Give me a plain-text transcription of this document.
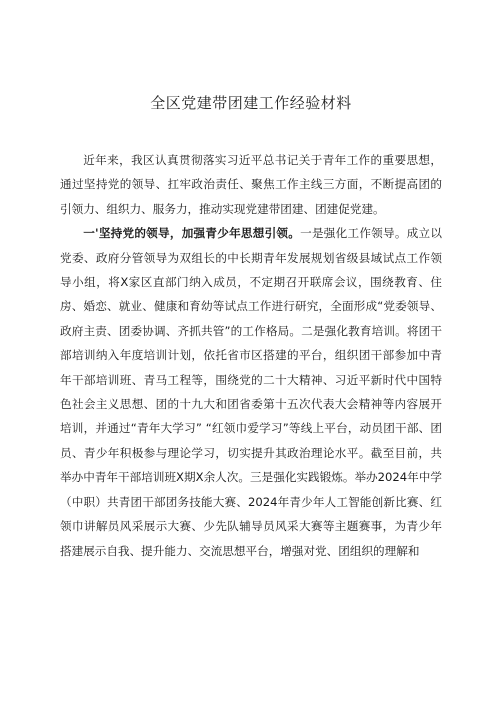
全区党建带团建工作经验材料

近年来，我区认真贯彻落实习近平总书记关于青年工作的重要思想，通过坚持党的领导、扛牢政治责任、聚焦工作主线三方面，不断提高团的引领力、组织力、服务力，推动实现党建带团建、团建促党建。

一'坚持党的领导，加强青少年思想引领。一是强化工作领导。成立以党委、政府分管领导为双组长的中长期青年发展规划省级县域试点工作领导小组，将X家区直部门纳入成员，不定期召开联席会议，围绕教育、住房、婚恋、就业、健康和育幼等试点工作进行研究，全面形成“党委领导、政府主责、团委协调、齐抓共管”的工作格局。二是强化教育培训。将团干部培训纳入年度培训计划，依托省市区搭建的平台，组织团干部参加中青年干部培训班、青马工程等，围绕党的二十大精神、习近平新时代中国特色社会主义思想、团的十九大和团省委第十五次代表大会精神等内容展开培训，并通过“青年大学习” “红领巾爱学习”等线上平台，动员团干部、团员、青少年积极参与理论学习，切实提升其政治理论水平。截至目前，共举办中青年干部培训班X期X余人次。三是强化实践锻炼。举办2024年中学（中职）共青团干部团务技能大赛、2024年青少年人工智能创新比赛、红领巾讲解员风采展示大赛、少先队辅导员风采大赛等主题赛事，为青少年搭建展示自我、提升能力、交流思想平台，增强对党、团组织的理解和
